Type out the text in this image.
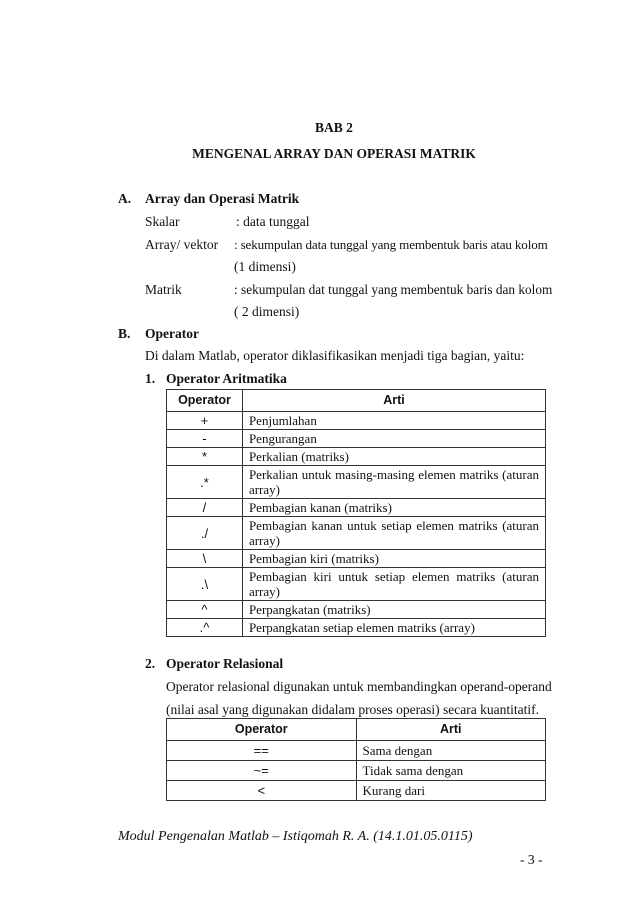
BAB 2
MENGENAL ARRAY DAN OPERASI MATRIK
A. Array dan Operasi Matrik
Skalar	: data tunggal
Array/ vektor : sekumpulan data tunggal yang membentuk baris atau kolom
(1 dimensi)
Matrik	: sekumpulan dat tunggal yang membentuk baris dan kolom
( 2 dimensi)
B. Operator
Di dalam Matlab, operator diklasifikasikan menjadi tiga bagian, yaitu:
1. Operator Aritmatika
Operator	Arti
+	Penjumlahan
-	Pengurangan
*	Perkalian (matriks)
.*	Perkalian untuk masing-masing elemen matriks (aturan array)
/	Pembagian kanan (matriks)
./	Pembagian kanan untuk setiap elemen matriks (aturan array)
\	Pembagian kiri (matriks)
.\	Pembagian kiri untuk setiap elemen matriks (aturan array)
^	Perpangkatan (matriks)
.^	Perpangkatan setiap elemen matriks (array)
2. Operator Relasional
Operator relasional digunakan untuk membandingkan operand-operand
(nilai asal yang digunakan didalam proses operasi) secara kuantitatif.
Operator	Arti
==	Sama dengan
~=	Tidak sama dengan
<	Kurang dari
Modul Pengenalan Matlab – Istiqomah R. A. (14.1.01.05.0115)
- 3 -
